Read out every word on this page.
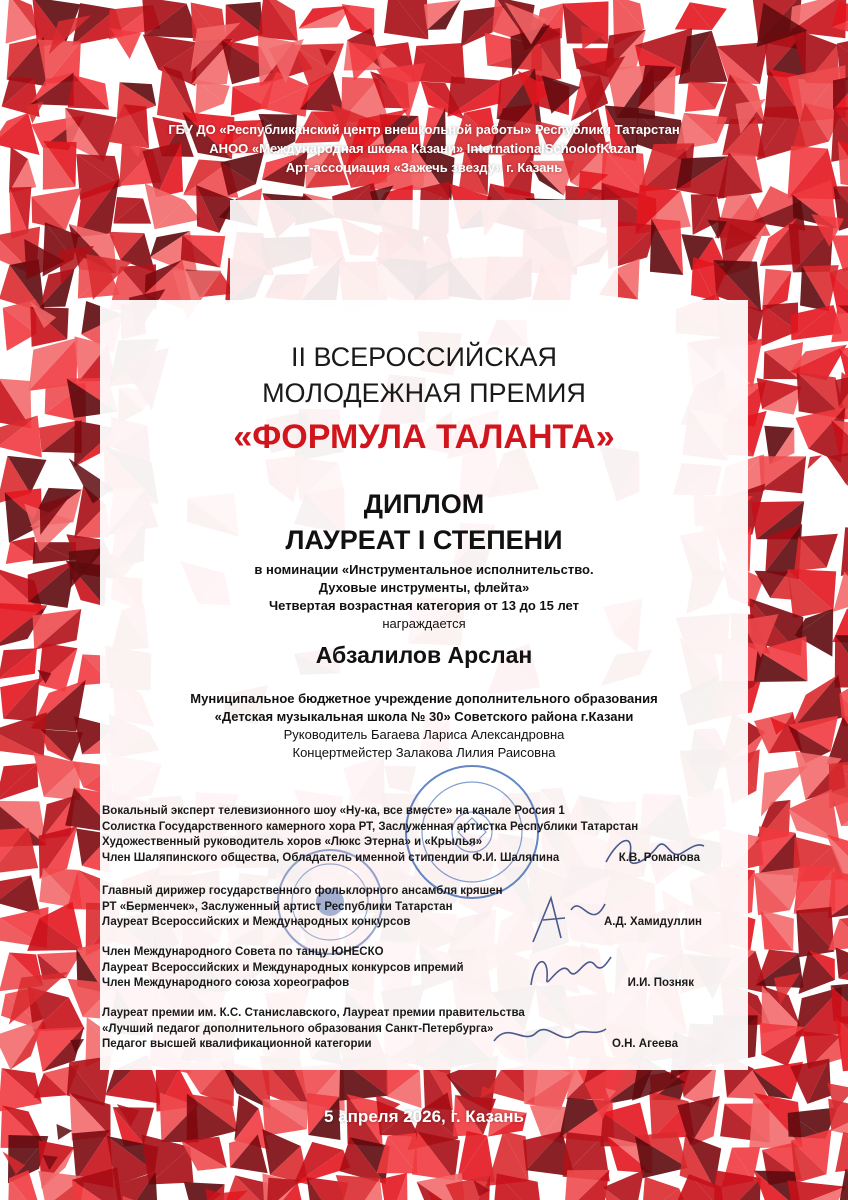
ГБУ ДО «Республиканский центр внешкольной работы» Республики Татарстан
АНОО «Международная школа Казани» InternationalSchoolofKazan
Арт-ассоциация «Зажечь звезду» г. Казань
II ВСЕРОССИЙСКАЯ
МОЛОДЕЖНАЯ ПРЕМИЯ
«ФОРМУЛА ТАЛАНТА»
ДИПЛОМ
ЛАУРЕАТ I СТЕПЕНИ
в номинации «Инструментальное исполнительство.
Духовые инструменты, флейта»
Четвертая возрастная категория от 13 до 15 лет
награждается
Абзалилов Арслан
Муниципальное бюджетное учреждение дополнительного образования
«Детская музыкальная школа № 30» Советского района г.Казани
Руководитель Багаева Лариса Александровна
Концертмейстер Залакова Лилия Раисовна
Вокальный эксперт телевизионного шоу «Ну-ка, все вместе» на канале Россия 1
Солистка Государственного камерного хора РТ, Заслуженная артистка Республики Татарстан
Художественный руководитель хоров «Люкс Этерна» и «Крылья»
Член Шаляпинского общества, Обладатель именной стипендии Ф.И. Шаляпина	К.В. Романова
Главный дирижер государственного фольклорного ансамбля кряшен
РТ «Берменчек», Заслуженный артист Республики Татарстан
Лауреат Всероссийских и Международных конкурсов	А.Д. Хамидуллин
Член Международного Совета по танцу ЮНЕСКО
Лауреат Всероссийских и Международных конкурсов ипремий
Член Международного союза хореографов	И.И. Позняк
Лауреат премии им. К.С. Станиславского, Лауреат премии правительства
«Лучший педагог дополнительного образования Санкт-Петербурга»
Педагог высшей квалификационной категории	О.Н. Агеева
5 апреля 2026, г. Казань
